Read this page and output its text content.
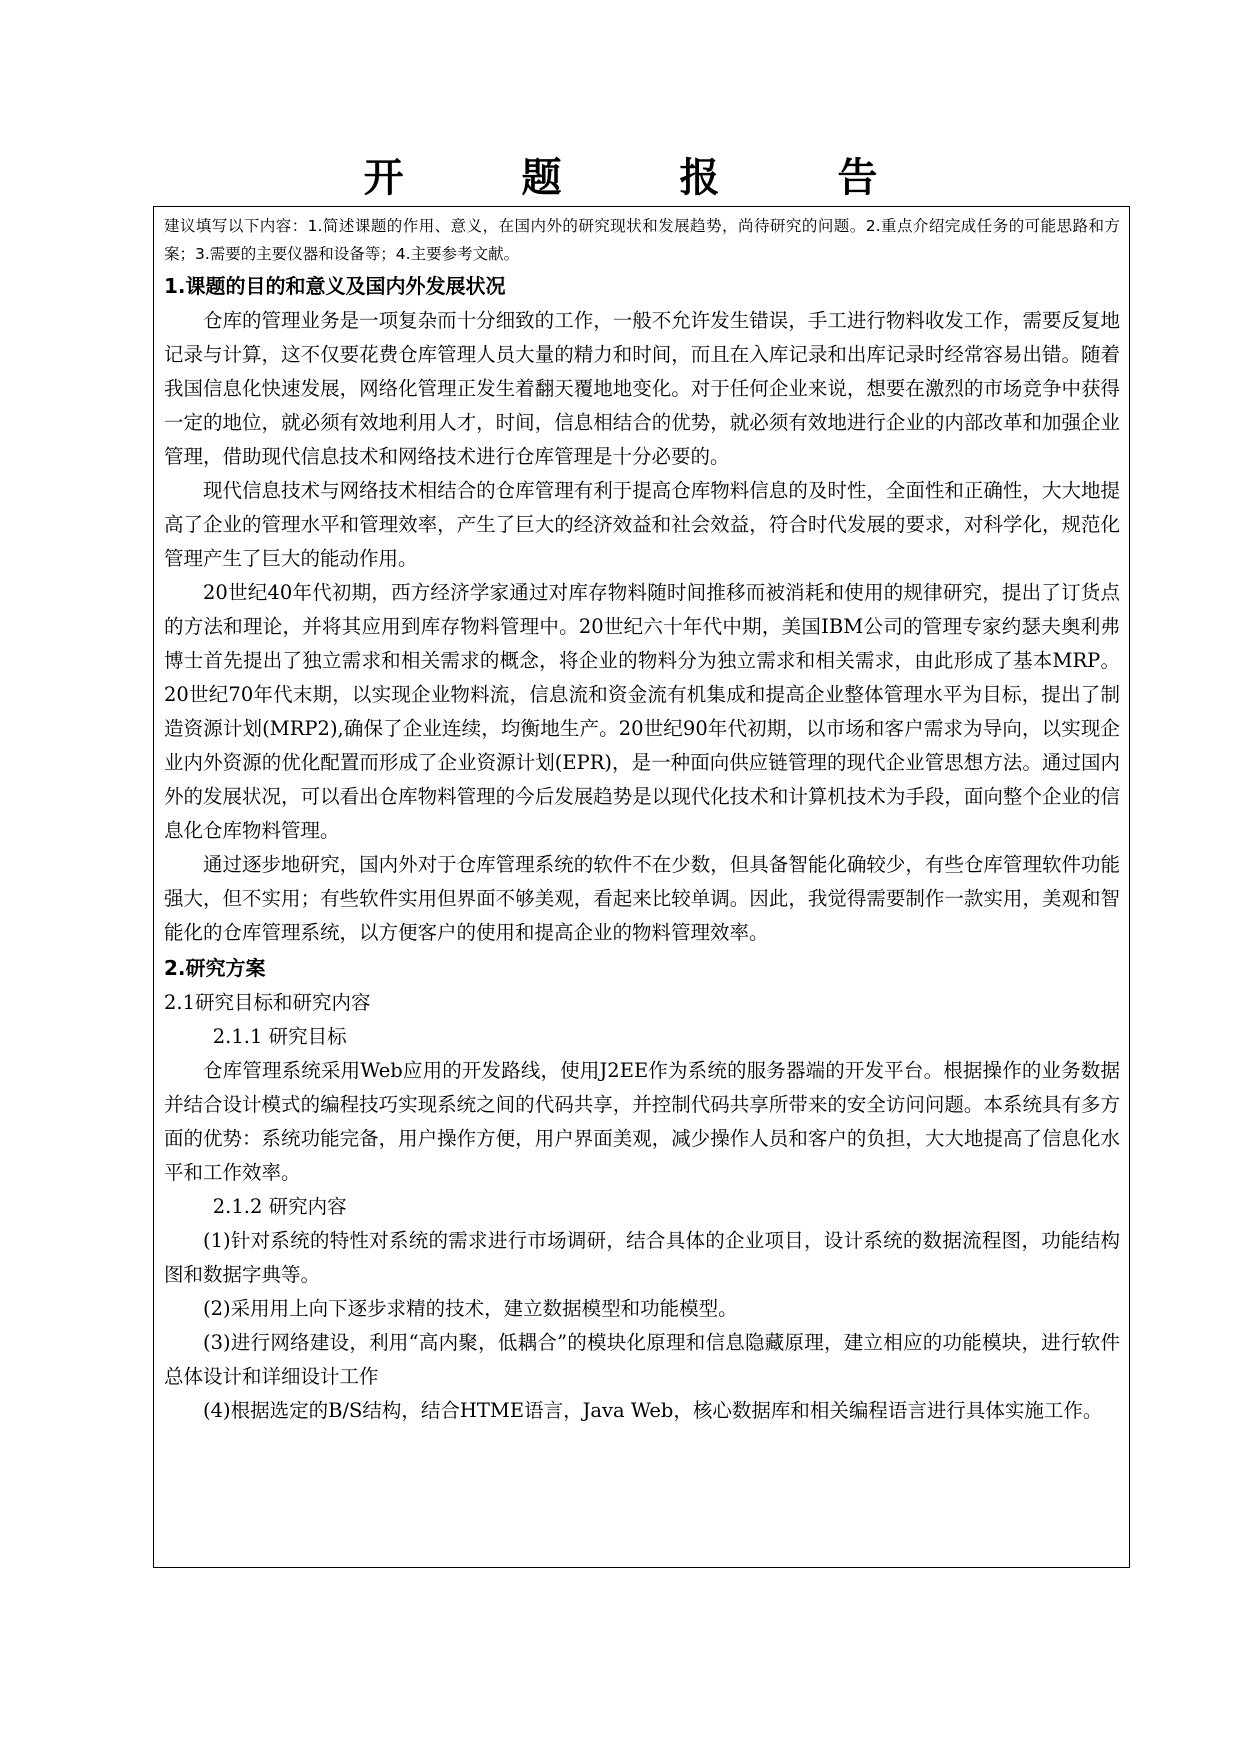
开 题 报 告

建议填写以下内容：1.简述课题的作用、意义，在国内外的研究现状和发展趋势，尚待研究的问题。2.重点介绍完成任务的可能思路和方案；3.需要的主要仪器和设备等；4.主要参考文献。

1.课题的目的和意义及国内外发展状况

仓库的管理业务是一项复杂而十分细致的工作，一般不允许发生错误，手工进行物料收发工作，需要反复地记录与计算，这不仅要花费仓库管理人员大量的精力和时间，而且在入库记录和出库记录时经常容易出错。随着我国信息化快速发展，网络化管理正发生着翻天覆地地变化。对于任何企业来说，想要在激烈的市场竞争中获得一定的地位，就必须有效地利用人才，时间，信息相结合的优势，就必须有效地进行企业的内部改革和加强企业管理，借助现代信息技术和网络技术进行仓库管理是十分必要的。

现代信息技术与网络技术相结合的仓库管理有利于提高仓库物料信息的及时性，全面性和正确性，大大地提高了企业的管理水平和管理效率，产生了巨大的经济效益和社会效益，符合时代发展的要求，对科学化，规范化管理产生了巨大的能动作用。

20世纪40年代初期，西方经济学家通过对库存物料随时间推移而被消耗和使用的规律研究，提出了订货点的方法和理论，并将其应用到库存物料管理中。20世纪六十年代中期，美国IBM公司的管理专家约瑟夫奥利弗博士首先提出了独立需求和相关需求的概念，将企业的物料分为独立需求和相关需求，由此形成了基本MRP。20世纪70年代末期，以实现企业物料流，信息流和资金流有机集成和提高企业整体管理水平为目标，提出了制造资源计划(MRP2),确保了企业连续，均衡地生产。20世纪90年代初期，以市场和客户需求为导向，以实现企业内外资源的优化配置而形成了企业资源计划(EPR)，是一种面向供应链管理的现代企业管思想方法。通过国内外的发展状况，可以看出仓库物料管理的今后发展趋势是以现代化技术和计算机技术为手段，面向整个企业的信息化仓库物料管理。

通过逐步地研究，国内外对于仓库管理系统的软件不在少数，但具备智能化确较少，有些仓库管理软件功能强大，但不实用；有些软件实用但界面不够美观，看起来比较单调。因此，我觉得需要制作一款实用，美观和智能化的仓库管理系统，以方便客户的使用和提高企业的物料管理效率。

2.研究方案

2.1研究目标和研究内容

2.1.1 研究目标

仓库管理系统采用Web应用的开发路线，使用J2EE作为系统的服务器端的开发平台。根据操作的业务数据并结合设计模式的编程技巧实现系统之间的代码共享，并控制代码共享所带来的安全访问问题。本系统具有多方面的优势：系统功能完备，用户操作方便，用户界面美观，减少操作人员和客户的负担，大大地提高了信息化水平和工作效率。

2.1.2 研究内容

(1)针对系统的特性对系统的需求进行市场调研，结合具体的企业项目，设计系统的数据流程图，功能结构图和数据字典等。

(2)采用用上向下逐步求精的技术，建立数据模型和功能模型。

(3)进行网络建设，利用“高内聚，低耦合”的模块化原理和信息隐藏原理，建立相应的功能模块，进行软件总体设计和详细设计工作

(4)根据选定的B/S结构，结合HTME语言，Java Web，核心数据库和相关编程语言进行具体实施工作。
